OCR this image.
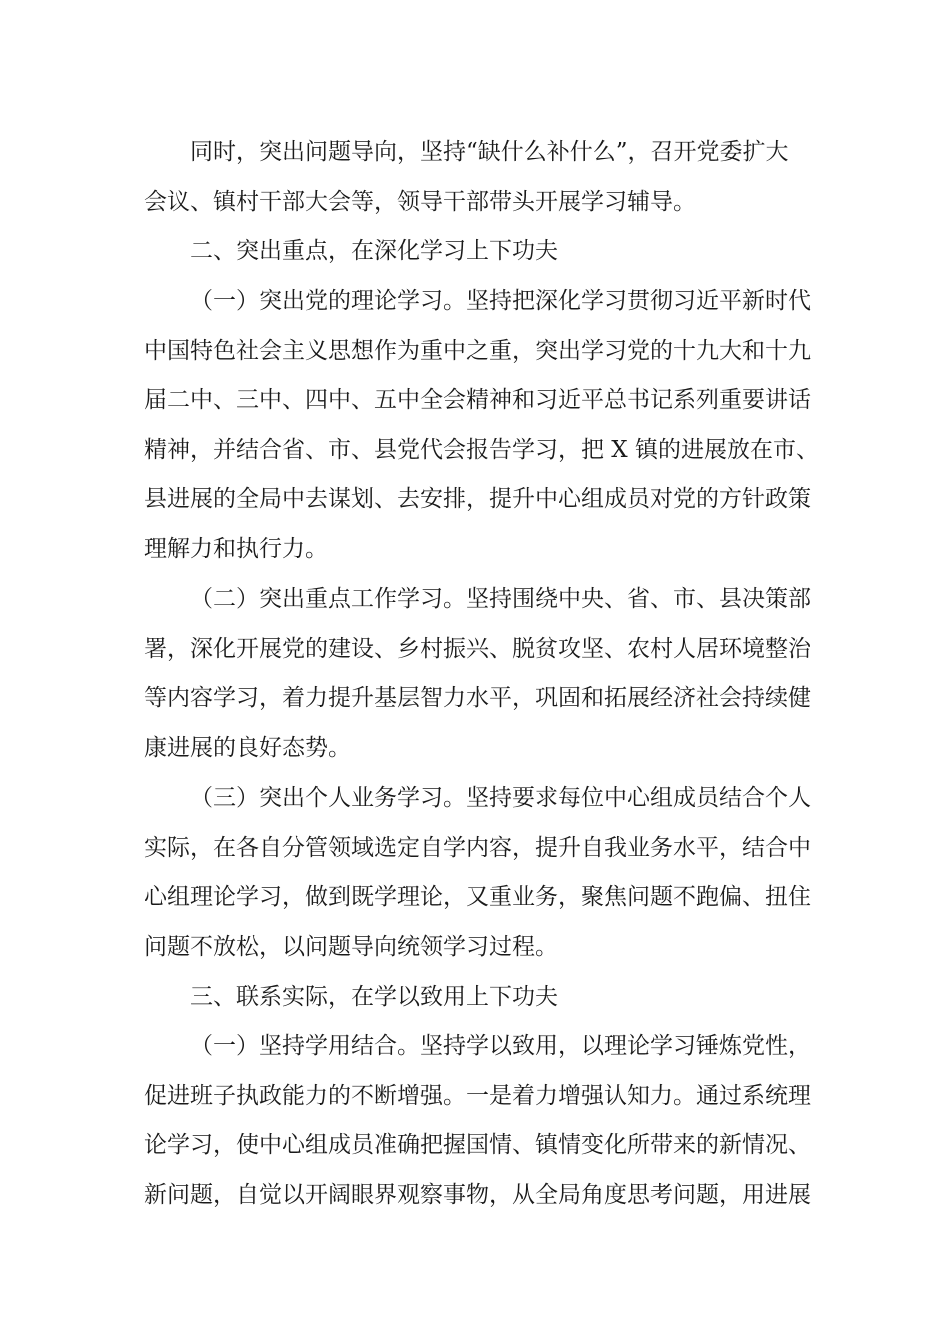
同时，突出问题导向，坚持“缺什么补什么”，召开党委扩大
会议、镇村干部大会等，领导干部带头开展学习辅导。
二、突出重点，在深化学习上下功夫
（一）突出党的理论学习。坚持把深化学习贯彻习近平新时代
中国特色社会主义思想作为重中之重，突出学习党的十九大和十九
届二中、三中、四中、五中全会精神和习近平总书记系列重要讲话
精神，并结合省、市、县党代会报告学习，把 X 镇的进展放在市、
县进展的全局中去谋划、去安排，提升中心组成员对党的方针政策
理解力和执行力。
（二）突出重点工作学习。坚持围绕中央、省、市、县决策部
署，深化开展党的建设、乡村振兴、脱贫攻坚、农村人居环境整治
等内容学习，着力提升基层智力水平，巩固和拓展经济社会持续健
康进展的良好态势。
（三）突出个人业务学习。坚持要求每位中心组成员结合个人
实际，在各自分管领域选定自学内容，提升自我业务水平，结合中
心组理论学习，做到既学理论，又重业务，聚焦问题不跑偏、扭住
问题不放松，以问题导向统领学习过程。
三、联系实际，在学以致用上下功夫
（一）坚持学用结合。坚持学以致用，以理论学习锤炼党性，
促进班子执政能力的不断增强。一是着力增强认知力。通过系统理
论学习，使中心组成员准确把握国情、镇情变化所带来的新情况、
新问题，自觉以开阔眼界观察事物，从全局角度思考问题，用进展
